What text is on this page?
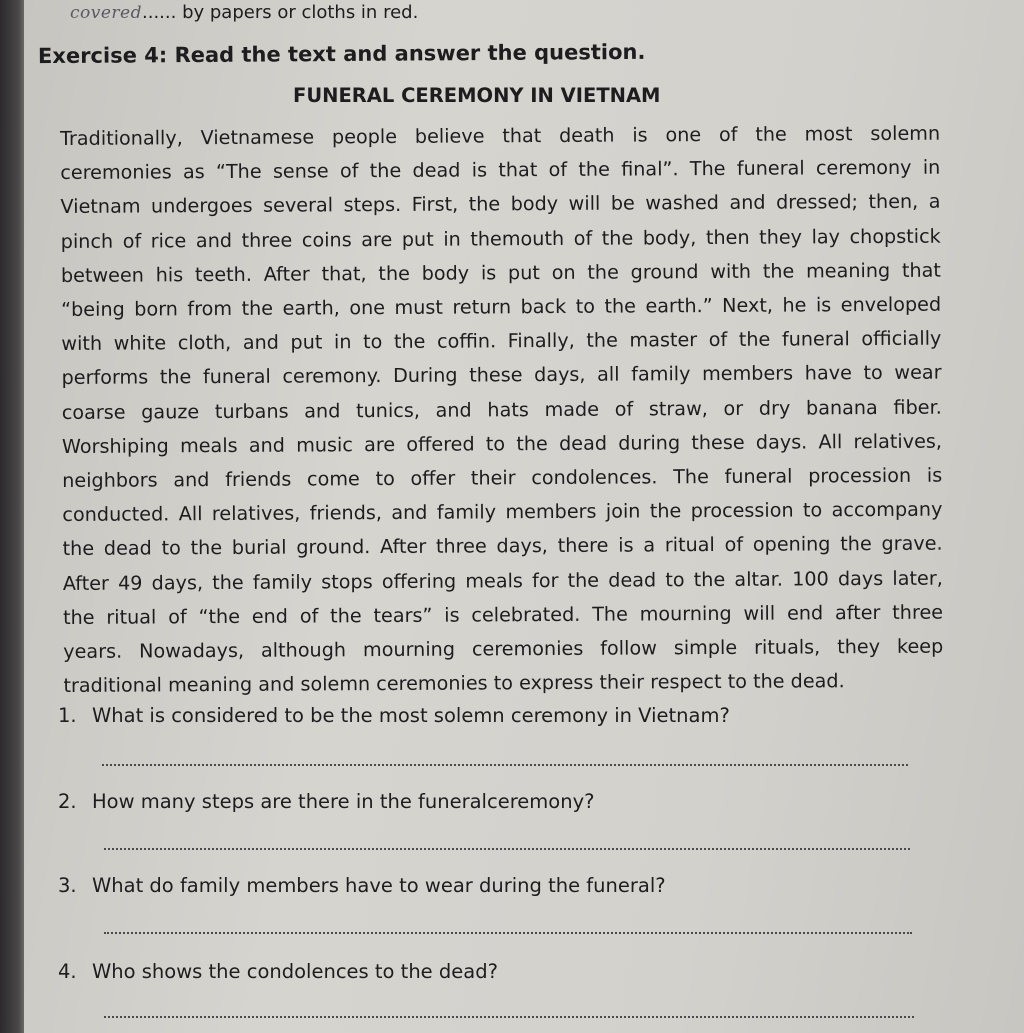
covered...... by papers or cloths in red.
Exercise 4: Read the text and answer the question.
FUNERAL CEREMONY IN VIETNAM
Traditionally, Vietnamese people believe that death is one of the most solemn
ceremonies as “The sense of the dead is that of the final”. The funeral ceremony in
Vietnam undergoes several steps. First, the body will be washed and dressed; then, a
pinch of rice and three coins are put in themouth of the body, then they lay chopstick
between his teeth. After that, the body is put on the ground with the meaning that
“being born from the earth, one must return back to the earth.” Next, he is enveloped
with white cloth, and put in to the coffin. Finally, the master of the funeral officially
performs the funeral ceremony. During these days, all family members have to wear
coarse gauze turbans and tunics, and hats made of straw, or dry banana fiber.
Worshiping meals and music are offered to the dead during these days. All relatives,
neighbors and friends come to offer their condolences. The funeral procession is
conducted. All relatives, friends, and family members join the procession to accompany
the dead to the burial ground. After three days, there is a ritual of opening the grave.
After 49 days, the family stops offering meals for the dead to the altar. 100 days later,
the ritual of “the end of the tears” is celebrated. The mourning will end after three
years. Nowadays, although mourning ceremonies follow simple rituals, they keep
traditional meaning and solemn ceremonies to express their respect to the dead.
1. What is considered to be the most solemn ceremony in Vietnam?
2. How many steps are there in the funeralceremony?
3. What do family members have to wear during the funeral?
4. Who shows the condolences to the dead?
